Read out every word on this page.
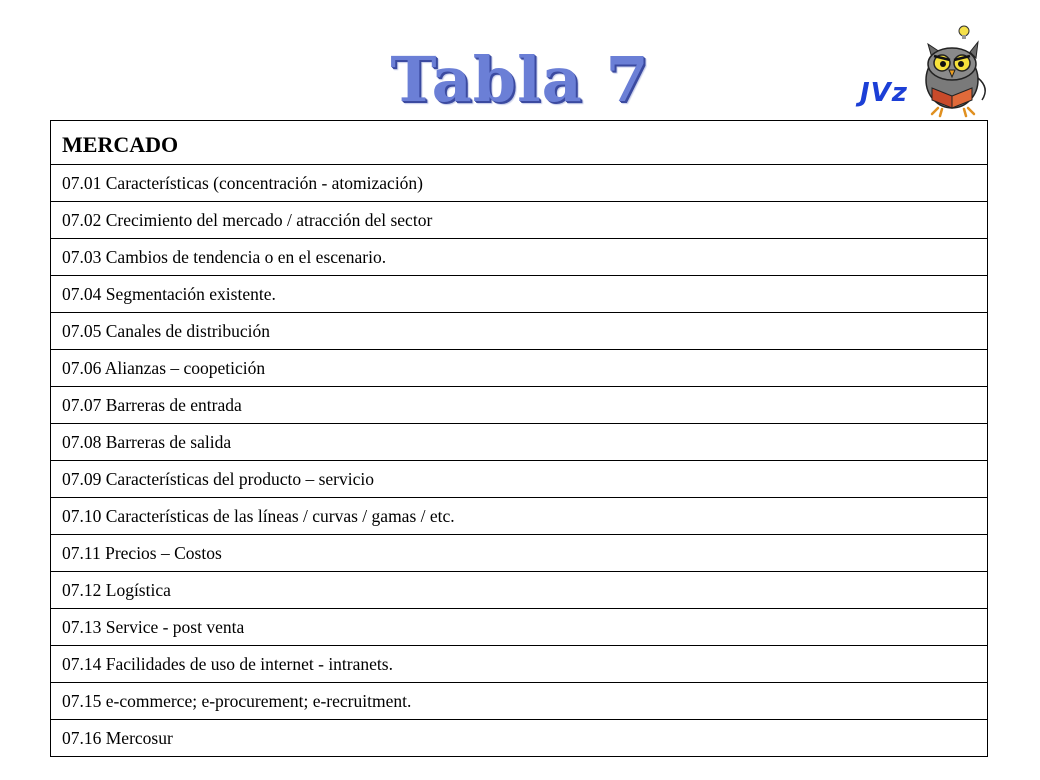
Tabla 7	JVz
MERCADO
07.01 Características (concentración - atomización)
07.02 Crecimiento del mercado / atracción del sector
07.03 Cambios de tendencia o en el escenario.
07.04 Segmentación existente.
07.05 Canales de distribución
07.06 Alianzas – coopetición
07.07 Barreras de entrada
07.08 Barreras de salida
07.09 Características del producto – servicio
07.10 Características de las líneas / curvas / gamas / etc.
07.11 Precios – Costos
07.12 Logística
07.13 Service - post venta
07.14 Facilidades de uso de internet - intranets.
07.15 e-commerce; e-procurement; e-recruitment.
07.16 Mercosur
